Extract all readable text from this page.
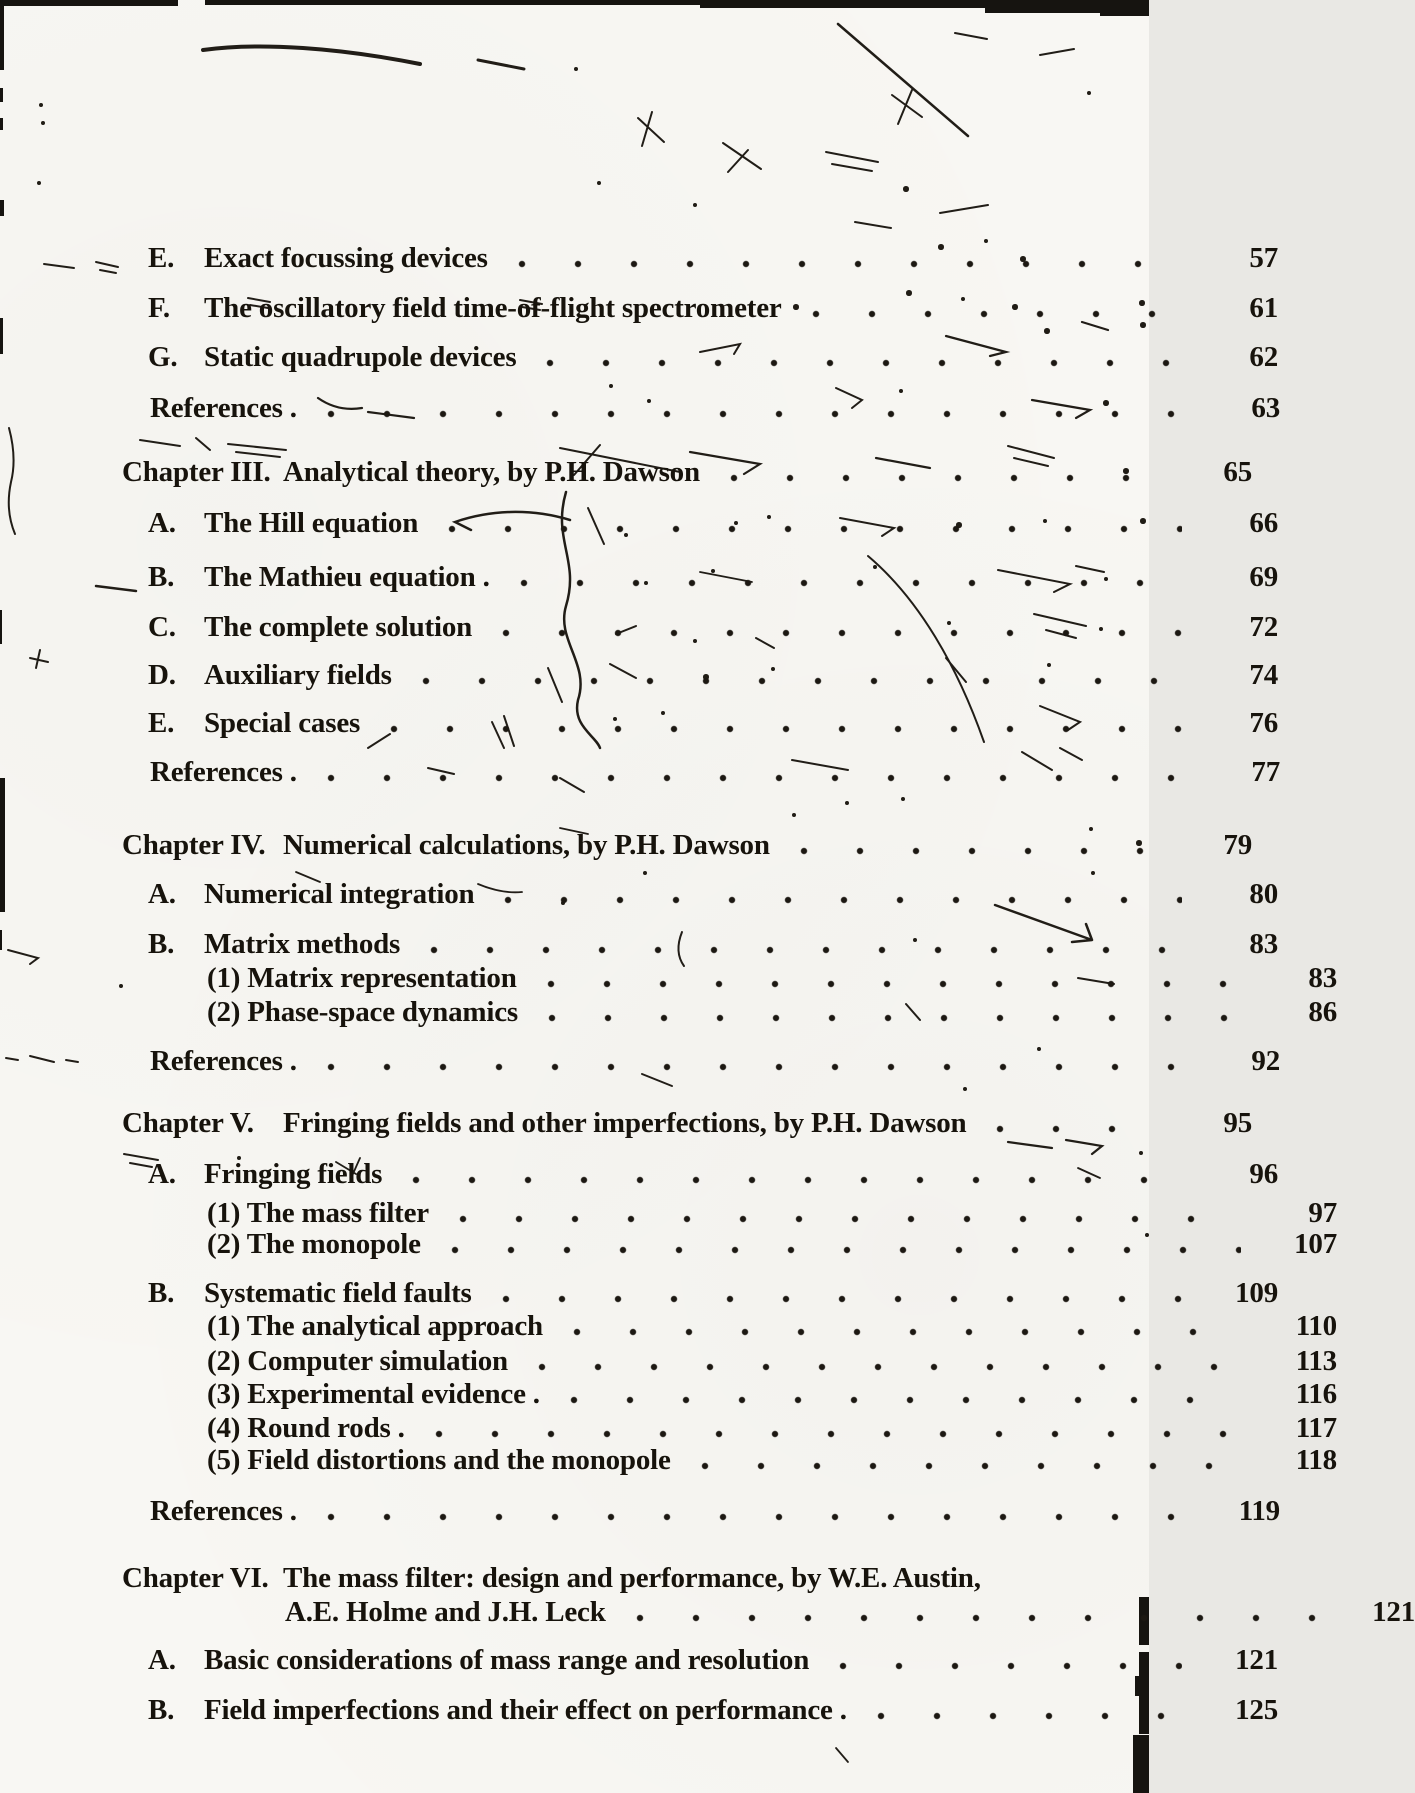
E.	Exact focussing devices	57
F.	The oscillatory field time-of-flight spectrometer	61
G. Static quadrupole devices	62
References .	63
Chapter III. Analytical theory, by P.H. Dawson	65
A. The Hill equation	66
B.	The Mathieu equation .	69
C. The complete solution	72
D. Auxiliary fields	74
E.	Special cases	76
References .	77
Chapter IV. Numerical calculations, by P.H. Dawson	79
A. Numerical integration	80
B.	Matrix methods	83
(1) Matrix representation	83
(2) Phase-space dynamics	86
References .	92
Chapter V.	Fringing fields and other imperfections, by P.H. Dawson	95
A. Fringing fields	96
(1) The mass filter	97
(2) The monopole	107
B.	Systematic field faults	109
(1) The analytical approach	110
(2) Computer simulation	113
(3) Experimental evidence .	116
(4) Round rods .	117
(5) Field distortions and the monopole	118
References .	119
Chapter VI. The mass filter: design and performance, by W.E. Austin,
A.E. Holme and J.H. Leck	121
A. Basic considerations of mass range and resolution	121
B.	Field imperfections and their effect on performance .	125
